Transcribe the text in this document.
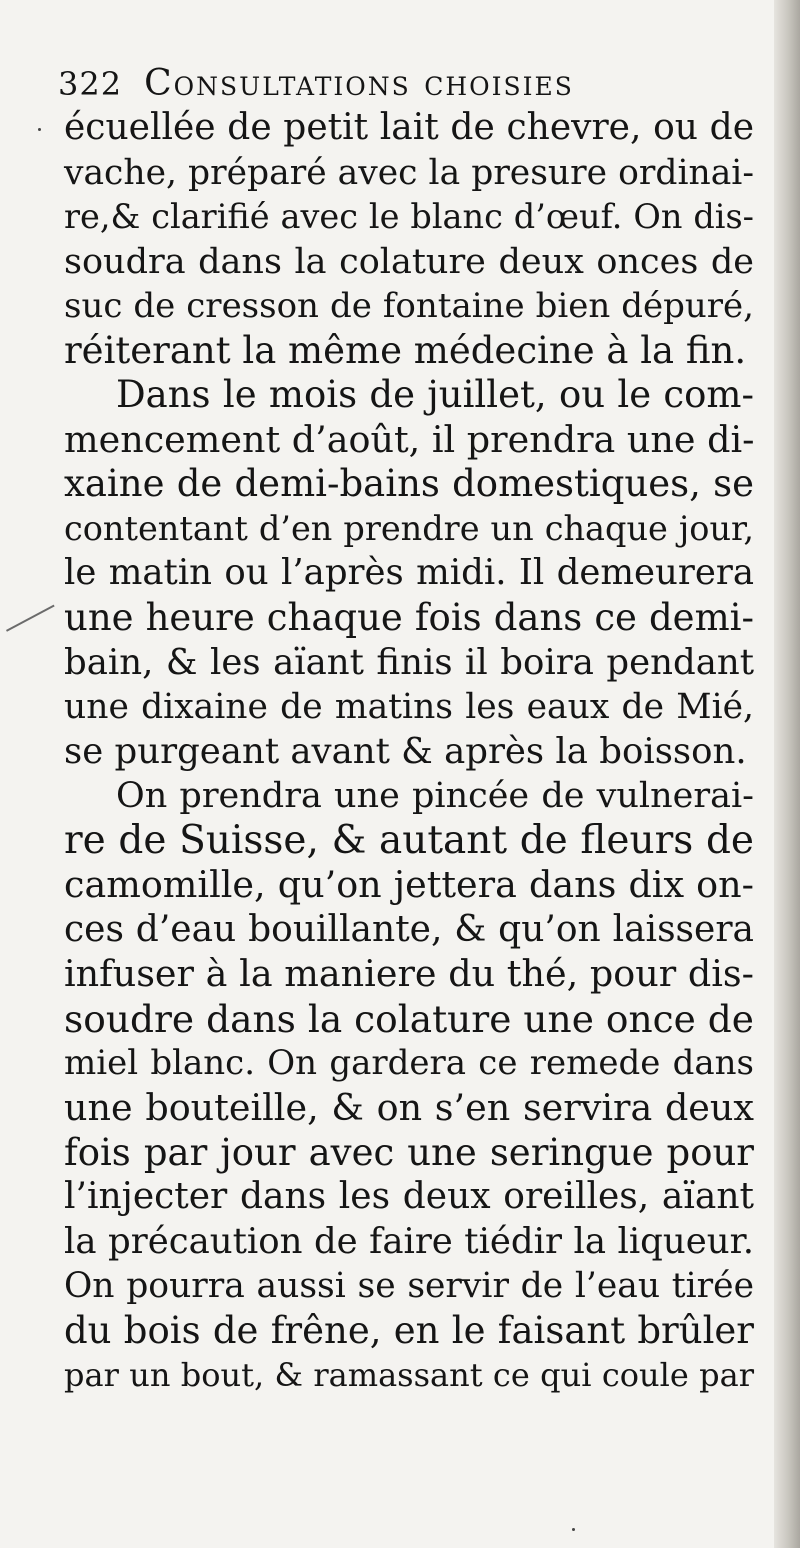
322 Consultations choisies
écuellée de petit lait de chevre, ou de
vache, préparé avec la presure ordinai-
re,& clarifié avec le blanc d’œuf. On dis-
soudra dans la colature deux onces de
suc de cresson de fontaine bien dépuré,
réiterant la même médecine à la fin.
Dans le mois de juillet, ou le com-
mencement d’août, il prendra une di-
xaine de demi-bains domestiques, se
contentant d’en prendre un chaque jour,
le matin ou l’après midi. Il demeurera
une heure chaque fois dans ce demi-
bain, & les aïant finis il boira pendant
une dixaine de matins les eaux de Mié,
se purgeant avant & après la boisson.
On prendra une pincée de vulnerai-
re de Suisse, & autant de fleurs de
camomille, qu’on jettera dans dix on-
ces d’eau bouillante, & qu’on laissera
infuser à la maniere du thé, pour dis-
soudre dans la colature une once de
miel blanc. On gardera ce remede dans
une bouteille, & on s’en servira deux
fois par jour avec une seringue pour
l’injecter dans les deux oreilles, aïant
la précaution de faire tiédir la liqueur.
On pourra aussi se servir de l’eau tirée
du bois de frêne, en le faisant brûler
par un bout, & ramassant ce qui coule par
